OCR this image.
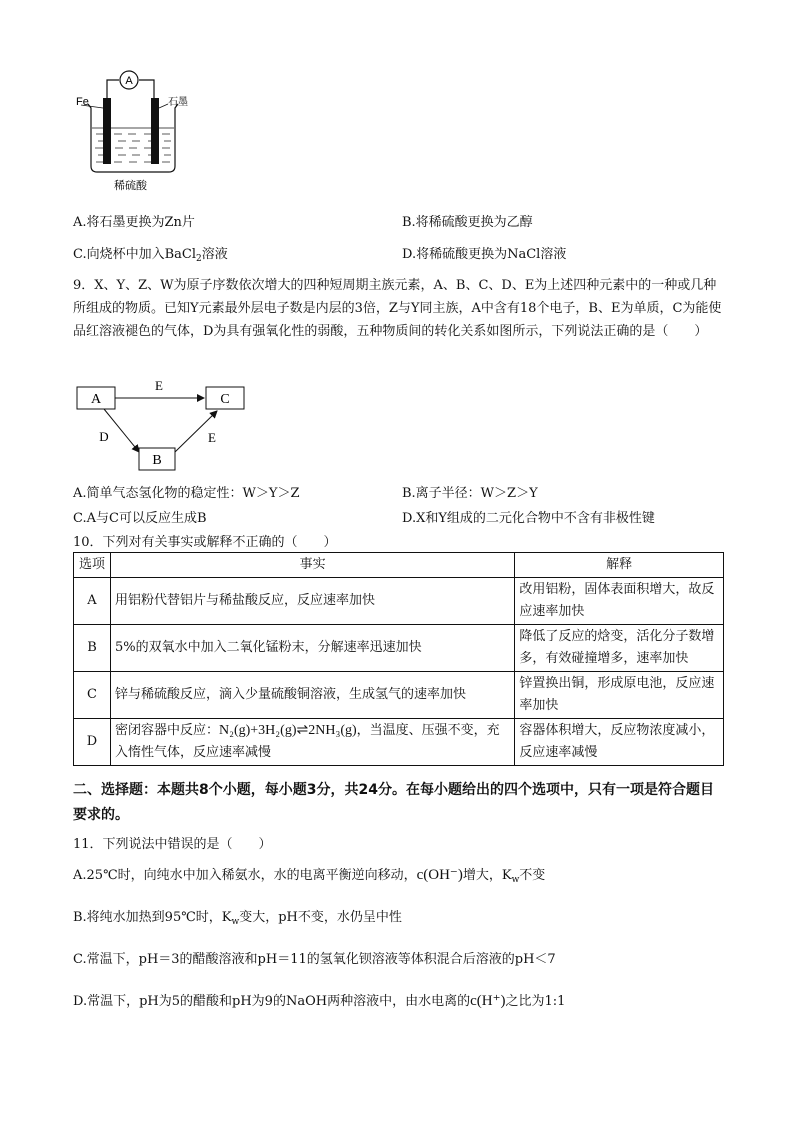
A
Fe	石墨
稀硫酸
A.将石墨更换为Zn片	B.将稀硫酸更换为乙醇
C.向烧杯中加入BaCl$_2$溶液	D.将稀硫酸更换为NaCl溶液
9．X、Y、Z、W为原子序数依次增大的四种短周期主族元素，A、B、C、D、E为上述四种元素中的一种或几种所组成的物质。已知Y元素最外层电子数是内层的3倍，Z与Y同主族，A中含有18个电子，B、E为单质，C为能使品红溶液褪色的气体，D为具有强氧化性的弱酸，五种物质间的转化关系如图所示，下列说法正确的是（　　）
A	C
B
E
D	E
A.简单气态氢化物的稳定性：W＞Y＞Z	B.离子半径：W＞Z＞Y
C.A与C可以反应生成B	D.X和Y组成的二元化合物中不含有非极性键
10．下列对有关事实或解释不正确的（　　）
选项	事实	解释
A	用铝粉代替铝片与稀盐酸反应，反应速率加快	改用铝粉，固体表面积增大，故反应速率加快
B	5%的双氧水中加入二氧化锰粉末，分解速率迅速加快	降低了反应的焓变，活化分子数增多，有效碰撞增多，速率加快
C	锌与稀硫酸反应，滴入少量硫酸铜溶液，生成氢气的速率加快	锌置换出铜，形成原电池，反应速率加快
D	密闭容器中反应：N₂(g)+3H₂(g)⇌2NH₃(g)，当温度、压强不变，充入惰性气体，反应速率减慢	容器体积增大，反应物浓度减小，反应速率减慢
二、选择题：本题共8个小题，每小题3分，共24分。在每小题给出的四个选项中，只有一项是符合题目要求的。
11．下列说法中错误的是（　　）
A.25℃时，向纯水中加入稀氨水，水的电离平衡逆向移动，c(OH⁻)增大，$K_w$不变
B.将纯水加热到95℃时，$K_w$变大，pH不变，水仍呈中性
C.常温下，pH＝3的醋酸溶液和pH＝11的氢氧化钡溶液等体积混合后溶液的pH＜7
D.常温下，pH为5的醋酸和pH为9的NaOH两种溶液中，由水电离的c(H⁺)之比为1:1
